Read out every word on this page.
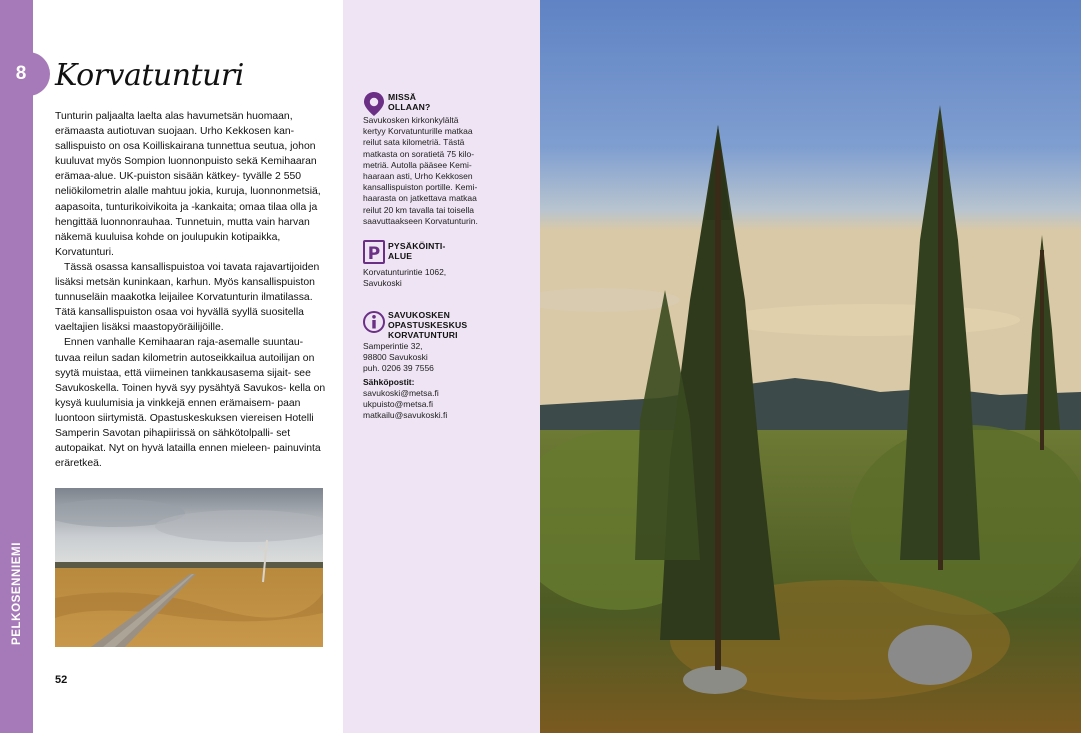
8
PELKOSENNIEMI
Korvatunturi

Tunturin paljaalta laelta alas havumetsän huomaan, erämaasta autiotuvan suojaan. Urho Kekkosen kan- sallispuisto on osa Koilliskairana tunnettua seutua, johon kuuluvat myös Sompion luonnonpuisto sekä Kemihaaran erämaa-alue. UK-puiston sisään kätkey- tyvälle 2 550 neliökilometrin alalle mahtuu jokia, kuruja, luonnonmetsiä, aapasoita, tunturikoivikoita ja -kankaita; omaa tilaa olla ja hengittää luonnonrauhaa. Tunnetuin, mutta vain harvan näkemä kuuluisa kohde on joulupukin kotipaikka, Korvatunturi.

Tässä osassa kansallispuistoa voi tavata rajavartijoiden lisäksi metsän kuninkaan, karhun. Myös kansallispuiston tunnuseläin maakotka leijailee Korvatunturin ilmatilassa. Tätä kansallispuiston osaa voi hyvällä syyllä suositella vaeltajien lisäksi maastopyöräilijöille.

Ennen vanhalle Kemihaaran raja-asemalle suuntau- tuvaa reilun sadan kilometrin autoseikkailua autoilijan on syytä muistaa, että viimeinen tankkausasema sijait- see Savukoskella. Toinen hyvä syy pysähtyä Savukos- kella on kysyä kuulumisia ja vinkkejä ennen erämaisem- paan luontoon siirtymistä. Opastuskeskuksen viereisen Hotelli Samperin Savotan pihapiirissä on sähkötolpalli- set autopaikat. Nyt on hyvä latailla ennen mieleen- painuvinta eräretkeä.

52
MISSÄ
OLLAAN?
Savukosken kirkonkylältä
kertyy Korvatunturille matkaa
reilut sata kilometriä. Tästä
matkasta on soratietä 75 kilo-
metriä. Autolla pääsee Kemi-
haaraan asti, Urho Kekkosen
kansallispuiston portille. Kemi-
haarasta on jatkettava matkaa
reilut 20 km tavalla tai toisella
saavuttaakseen Korvatunturin.
P PYSÄKÖINTI-
ALUE
Korvatunturintie 1062,
Savukoski
SAVUKOSKEN
OPASTUSKESKUS
KORVATUNTURI
Samperintie 32,
98800 Savukoski
puh. 0206 39 7556
Sähköpostit:
savukoski@metsa.fi
ukpuisto@metsa.fi
matkailu@savukoski.fi
